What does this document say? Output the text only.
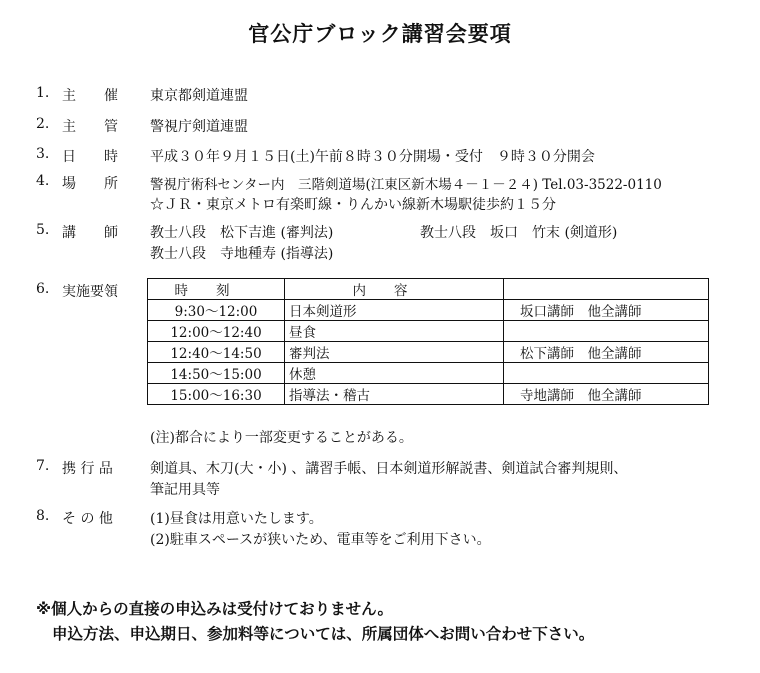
官公庁ブロック講習会要項
1. 主　　催 東京都剣道連盟
2. 主　　管 警視庁剣道連盟
3. 日　　時 平成３０年９月１５日(土)午前８時３０分開場・受付　９時３０分開会
4. 場　　所 警視庁術科センター内　三階剣道場(江東区新木場４－１－２４) Tel.03-3522-0110
☆ＪＲ・東京メトロ有楽町線・りんかい線新木場駅徒歩約１５分
5. 講　　師 教士八段　松下吉進 (審判法)	教士八段　坂口　竹末 (剣道形)
教士八段　寺地種寿 (指導法)
6. 実施要領	時刻	内容	
9:30～12:00	日本剣道形	坂口講師　他全講師
12:00～12:40	昼食	
12:40～14:50	審判法	松下講師　他全講師
14:50～15:00	休憩	
15:00～16:30	指導法・稽古	寺地講師　他全講師
(注)都合により一部変更することがある。
7. 携 行 品	剣道具、木刀(大・小) 、講習手帳、日本剣道形解説書、剣道試合審判規則、
筆記用具等
8. そ の 他	(1)昼食は用意いたします。
(2)駐車スペースが狭いため、電車等をご利用下さい。
※個人からの直接の申込みは受付けておりません。
申込方法、申込期日、参加料等については、所属団体へお問い合わせ下さい。
